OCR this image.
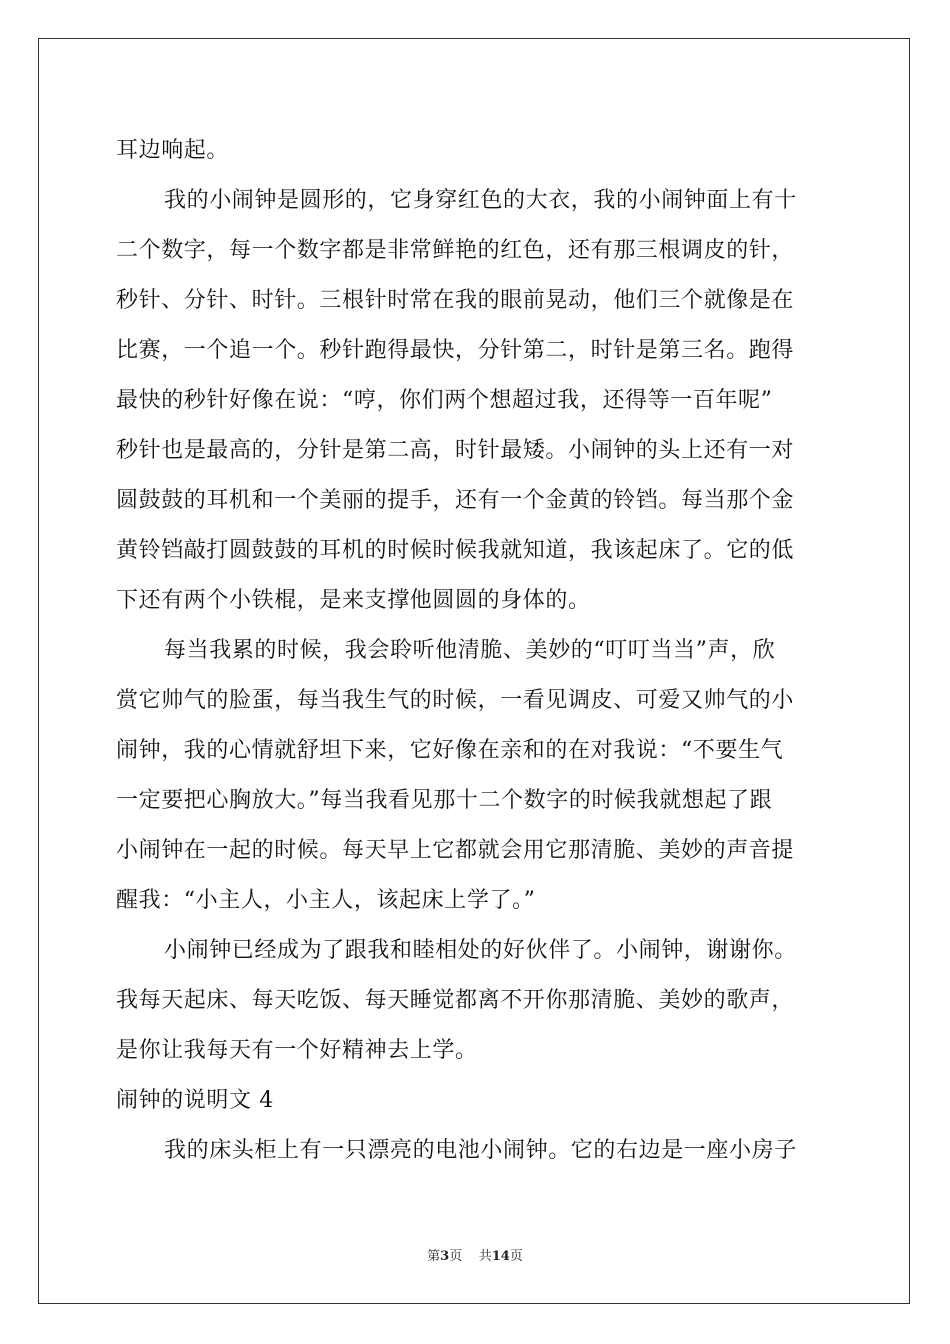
耳边响起。
我的小闹钟是圆形的，它身穿红色的大衣，我的小闹钟面上有十
二个数字，每一个数字都是非常鲜艳的红色，还有那三根调皮的针，
秒针、分针、时针。三根针时常在我的眼前晃动，他们三个就像是在
比赛，一个追一个。秒针跑得最快，分针第二，时针是第三名。跑得
最快的秒针好像在说：“哼，你们两个想超过我，还得等一百年呢”
秒针也是最高的，分针是第二高，时针最矮。小闹钟的头上还有一对
圆鼓鼓的耳机和一个美丽的提手，还有一个金黄的铃铛。每当那个金
黄铃铛敲打圆鼓鼓的耳机的时候时候我就知道，我该起床了。它的低
下还有两个小铁棍，是来支撑他圆圆的身体的。
每当我累的时候，我会聆听他清脆、美妙的“叮叮当当”声，欣
赏它帅气的脸蛋，每当我生气的时候，一看见调皮、可爱又帅气的小
闹钟，我的心情就舒坦下来，它好像在亲和的在对我说：“不要生气
一定要把心胸放大。”每当我看见那十二个数字的时候我就想起了跟
小闹钟在一起的时候。每天早上它都就会用它那清脆、美妙的声音提
醒我：“小主人，小主人，该起床上学了。”
小闹钟已经成为了跟我和睦相处的好伙伴了。小闹钟，谢谢你。
我每天起床、每天吃饭、每天睡觉都离不开你那清脆、美妙的歌声，
是你让我每天有一个好精神去上学。
闹钟的说明文 4
我的床头柜上有一只漂亮的电池小闹钟。它的右边是一座小房子
第3页 共14页
